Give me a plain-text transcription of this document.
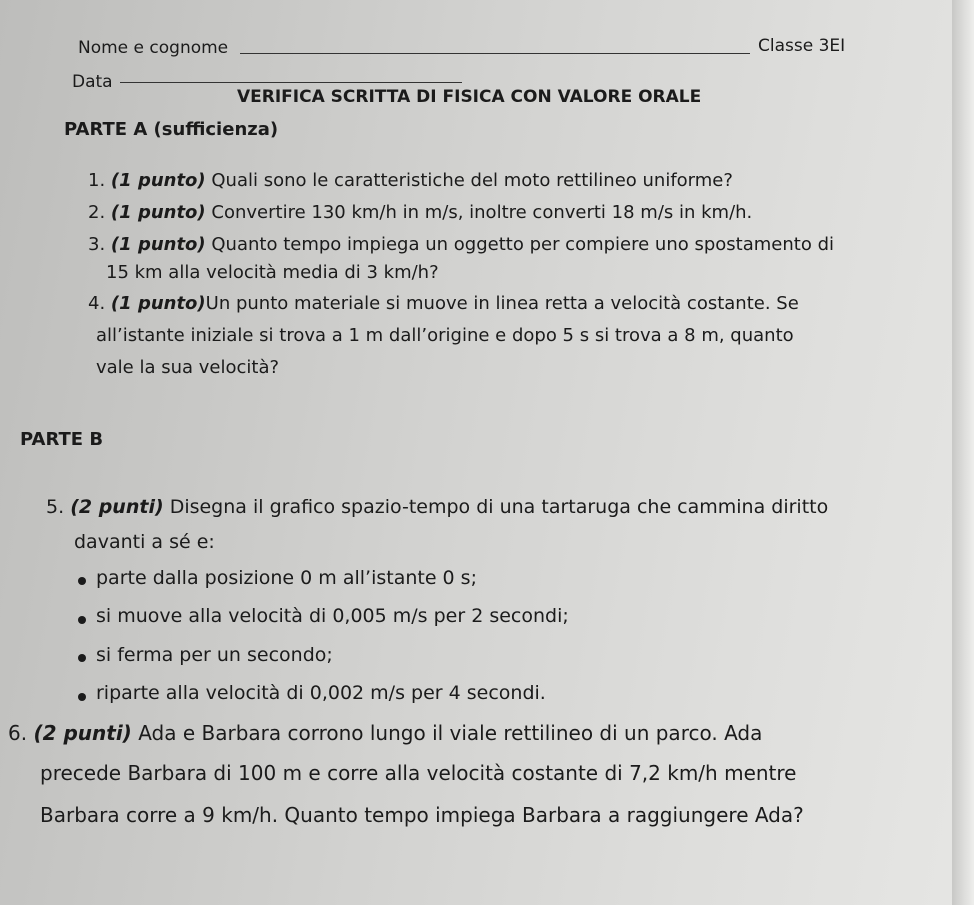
Nome e cognome	Classe 3EI
Data
VERIFICA SCRITTA DI FISICA CON VALORE ORALE
PARTE A (sufficienza)
1. (1 punto) Quali sono le caratteristiche del moto rettilineo uniforme?
2. (1 punto) Convertire 130 km/h in m/s, inoltre converti 18 m/s in km/h.
3. (1 punto) Quanto tempo impiega un oggetto per compiere uno spostamento di
15 km alla velocità media di 3 km/h?
4. (1 punto)Un punto materiale si muove in linea retta a velocità costante. Se
all’istante iniziale si trova a 1 m dall’origine e dopo 5 s si trova a 8 m, quanto
vale la sua velocità?
PARTE B
5. (2 punti) Disegna il grafico spazio-tempo di una tartaruga che cammina diritto
davanti a sé e:
parte dalla posizione 0 m all’istante 0 s;
si muove alla velocità di 0,005 m/s per 2 secondi;
si ferma per un secondo;
riparte alla velocità di 0,002 m/s per 4 secondi.
6. (2 punti) Ada e Barbara corrono lungo il viale rettilineo di un parco. Ada
precede Barbara di 100 m e corre alla velocità costante di 7,2 km/h mentre
Barbara corre a 9 km/h. Quanto tempo impiega Barbara a raggiungere Ada?
